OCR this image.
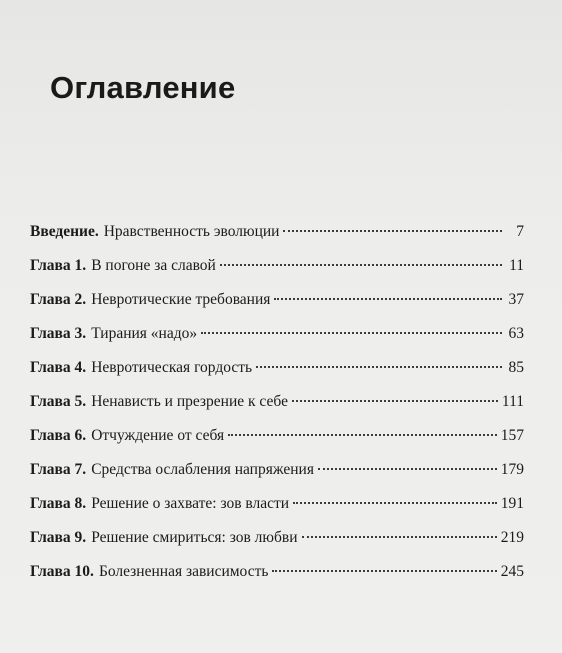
Оглавление
Введение. Нравственность эволюции	7
Глава 1. В погоне за славой	11
Глава 2. Невротические требования	37
Глава 3. Тирания «надо»	63
Глава 4. Невротическая гордость	85
Глава 5. Ненависть и презрение к себе	111
Глава 6. Отчуждение от себя	157
Глава 7. Средства ослабления напряжения	179
Глава 8. Решение о захвате: зов власти	191
Глава 9. Решение смириться: зов любви	219
Глава 10. Болезненная зависимость	245
